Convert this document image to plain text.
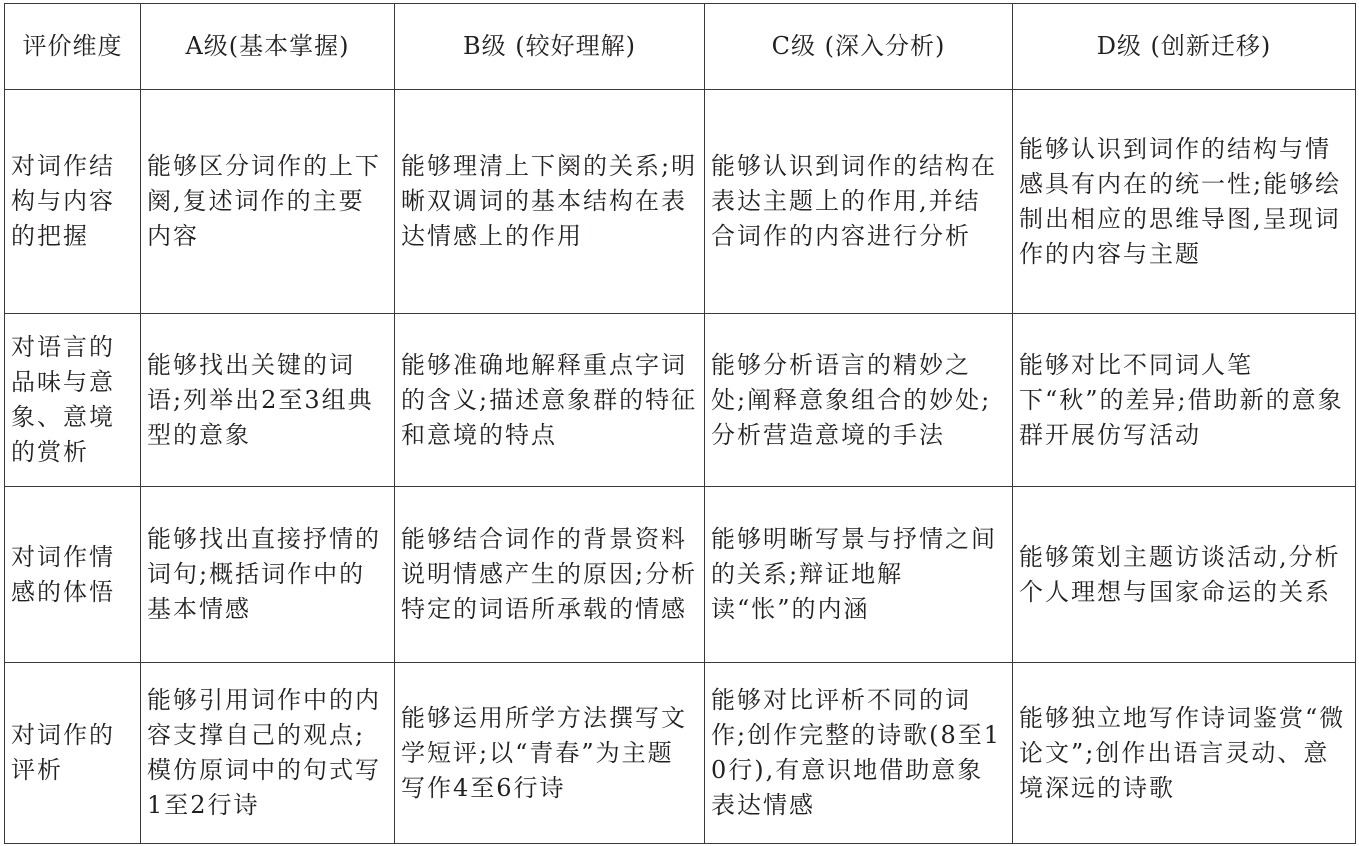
评价维度	A级(基本掌握)	B级 (较好理解)	C级 (深入分析)	D级 (创新迁移)
对词作结构与内容的把握	能够区分词作的上下阕,复述词作的主要内容	能够理清上下阕的关系;明晰双调词的基本结构在表达情感上的作用	能够认识到词作的结构在表达主题上的作用,并结合词作的内容进行分析	能够认识到词作的结构与情感具有内在的统一性;能够绘制出相应的思维导图,呈现词作的内容与主题
对语言的品味与意象、意境的赏析	能够找出关键的词语;列举出2至3组典型的意象	能够准确地解释重点字词的含义;描述意象群的特征和意境的特点	能够分析语言的精妙之处;阐释意象组合的妙处;分析营造意境的手法	能够对比不同词人笔下“秋”的差异;借助新的意象群开展仿写活动
对词作情感的体悟	能够找出直接抒情的词句;概括词作中的基本情感	能够结合词作的背景资料说明情感产生的原因;分析特定的词语所承载的情感	能够明晰写景与抒情之间的关系;辩证地解读“怅”的内涵	能够策划主题访谈活动,分析个人理想与国家命运的关系
对词作的评析	能够引用词作中的内容支撑自己的观点;模仿原词中的句式写1至2行诗	能够运用所学方法撰写文学短评;以“青春”为主题写作4至6行诗	能够对比评析不同的词作;创作完整的诗歌(8至10行),有意识地借助意象表达情感	能够独立地写作诗词鉴赏“微论文”;创作出语言灵动、意境深远的诗歌
